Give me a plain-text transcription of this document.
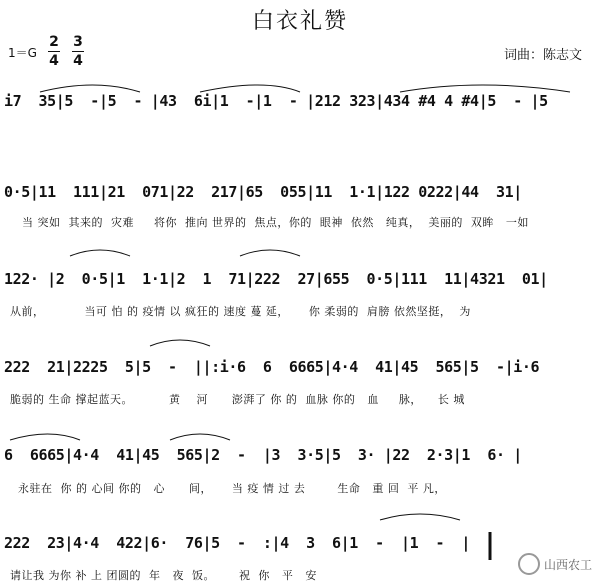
白衣礼赞
1＝G
2
4
3
4	词曲：陈志文
i7  35|5  -|5  - |43  6i|1  -|1  - |212 323|434 #4 4 #4|5  - |5
0·5|11  111|21  071|22  217|65  055|11  1·1|122 0222|44  31|
当 突如  其来的  灾难     将你  推向 世界的  焦点，你的  眼神  依然   纯真，  美丽的  双眸   一如
122· |2  0·5|1  1·1|2  1  71|222  27|655  0·5|111  11|4321  01|
从前，          当可 怕 的 疫情 以 疯狂的 速度 蔓 延，     你 柔弱的  肩膀 依然坚挺，  为
222  21|2225  5|5  -  ||:i·6  6  6665|4·4  41|45  565|5  -|i·6
脆弱的 生命 撑起蓝天。         黄    河      澎湃了 你 的  血脉 你的   血     脉，    长 城
6  6665|4·4  41|45  565|2  -  |3  3·5|5  3· |22  2·3|1  6· |
永驻在  你 的 心间 你的   心      间，     当 疫 情 过 去        生命   重 回  平 凡，
222  23|4·4  422|6·  76|5  -  :|4  3  6|1  -  |1  -  |
请让我 为你 补 上 团圆的  年   夜  饭。      祝  你   平   安
山西农工
